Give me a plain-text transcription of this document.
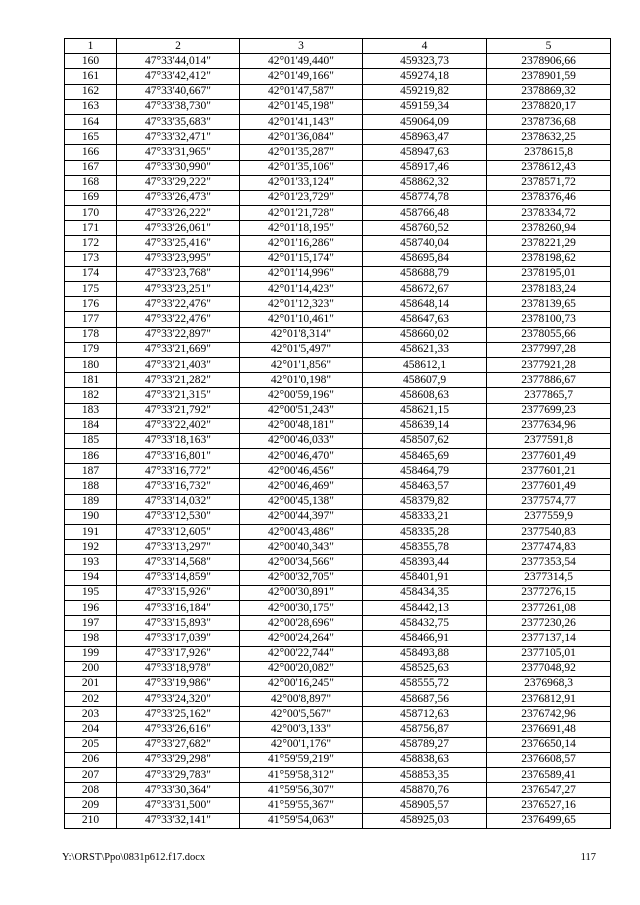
1	2	3	4	5
160	47°33'44,014"	42°01'49,440"	459323,73	2378906,66
161	47°33'42,412"	42°01'49,166"	459274,18	2378901,59
162	47°33'40,667"	42°01'47,587"	459219,82	2378869,32
163	47°33'38,730"	42°01'45,198"	459159,34	2378820,17
164	47°33'35,683"	42°01'41,143"	459064,09	2378736,68
165	47°33'32,471"	42°01'36,084"	458963,47	2378632,25
166	47°33'31,965"	42°01'35,287"	458947,63	2378615,8
167	47°33'30,990"	42°01'35,106"	458917,46	2378612,43
168	47°33'29,222"	42°01'33,124"	458862,32	2378571,72
169	47°33'26,473"	42°01'23,729"	458774,78	2378376,46
170	47°33'26,222"	42°01'21,728"	458766,48	2378334,72
171	47°33'26,061"	42°01'18,195"	458760,52	2378260,94
172	47°33'25,416"	42°01'16,286"	458740,04	2378221,29
173	47°33'23,995"	42°01'15,174"	458695,84	2378198,62
174	47°33'23,768"	42°01'14,996"	458688,79	2378195,01
175	47°33'23,251"	42°01'14,423"	458672,67	2378183,24
176	47°33'22,476"	42°01'12,323"	458648,14	2378139,65
177	47°33'22,476"	42°01'10,461"	458647,63	2378100,73
178	47°33'22,897"	42°01'8,314"	458660,02	2378055,66
179	47°33'21,669"	42°01'5,497"	458621,33	2377997,28
180	47°33'21,403"	42°01'1,856"	458612,1	2377921,28
181	47°33'21,282"	42°01'0,198"	458607,9	2377886,67
182	47°33'21,315"	42°00'59,196"	458608,63	2377865,7
183	47°33'21,792"	42°00'51,243"	458621,15	2377699,23
184	47°33'22,402"	42°00'48,181"	458639,14	2377634,96
185	47°33'18,163"	42°00'46,033"	458507,62	2377591,8
186	47°33'16,801"	42°00'46,470"	458465,69	2377601,49
187	47°33'16,772"	42°00'46,456"	458464,79	2377601,21
188	47°33'16,732"	42°00'46,469"	458463,57	2377601,49
189	47°33'14,032"	42°00'45,138"	458379,82	2377574,77
190	47°33'12,530"	42°00'44,397"	458333,21	2377559,9
191	47°33'12,605"	42°00'43,486"	458335,28	2377540,83
192	47°33'13,297"	42°00'40,343"	458355,78	2377474,83
193	47°33'14,568"	42°00'34,566"	458393,44	2377353,54
194	47°33'14,859"	42°00'32,705"	458401,91	2377314,5
195	47°33'15,926"	42°00'30,891"	458434,35	2377276,15
196	47°33'16,184"	42°00'30,175"	458442,13	2377261,08
197	47°33'15,893"	42°00'28,696"	458432,75	2377230,26
198	47°33'17,039"	42°00'24,264"	458466,91	2377137,14
199	47°33'17,926"	42°00'22,744"	458493,88	2377105,01
200	47°33'18,978"	42°00'20,082"	458525,63	2377048,92
201	47°33'19,986"	42°00'16,245"	458555,72	2376968,3
202	47°33'24,320"	42°00'8,897"	458687,56	2376812,91
203	47°33'25,162"	42°00'5,567"	458712,63	2376742,96
204	47°33'26,616"	42°00'3,133"	458756,87	2376691,48
205	47°33'27,682"	42°00'1,176"	458789,27	2376650,14
206	47°33'29,298"	41°59'59,219"	458838,63	2376608,57
207	47°33'29,783"	41°59'58,312"	458853,35	2376589,41
208	47°33'30,364"	41°59'56,307"	458870,76	2376547,27
209	47°33'31,500"	41°59'55,367"	458905,57	2376527,16
210	47°33'32,141"	41°59'54,063"	458925,03	2376499,65
Y:\ORST\Ppo\0831p612.f17.docx	117
